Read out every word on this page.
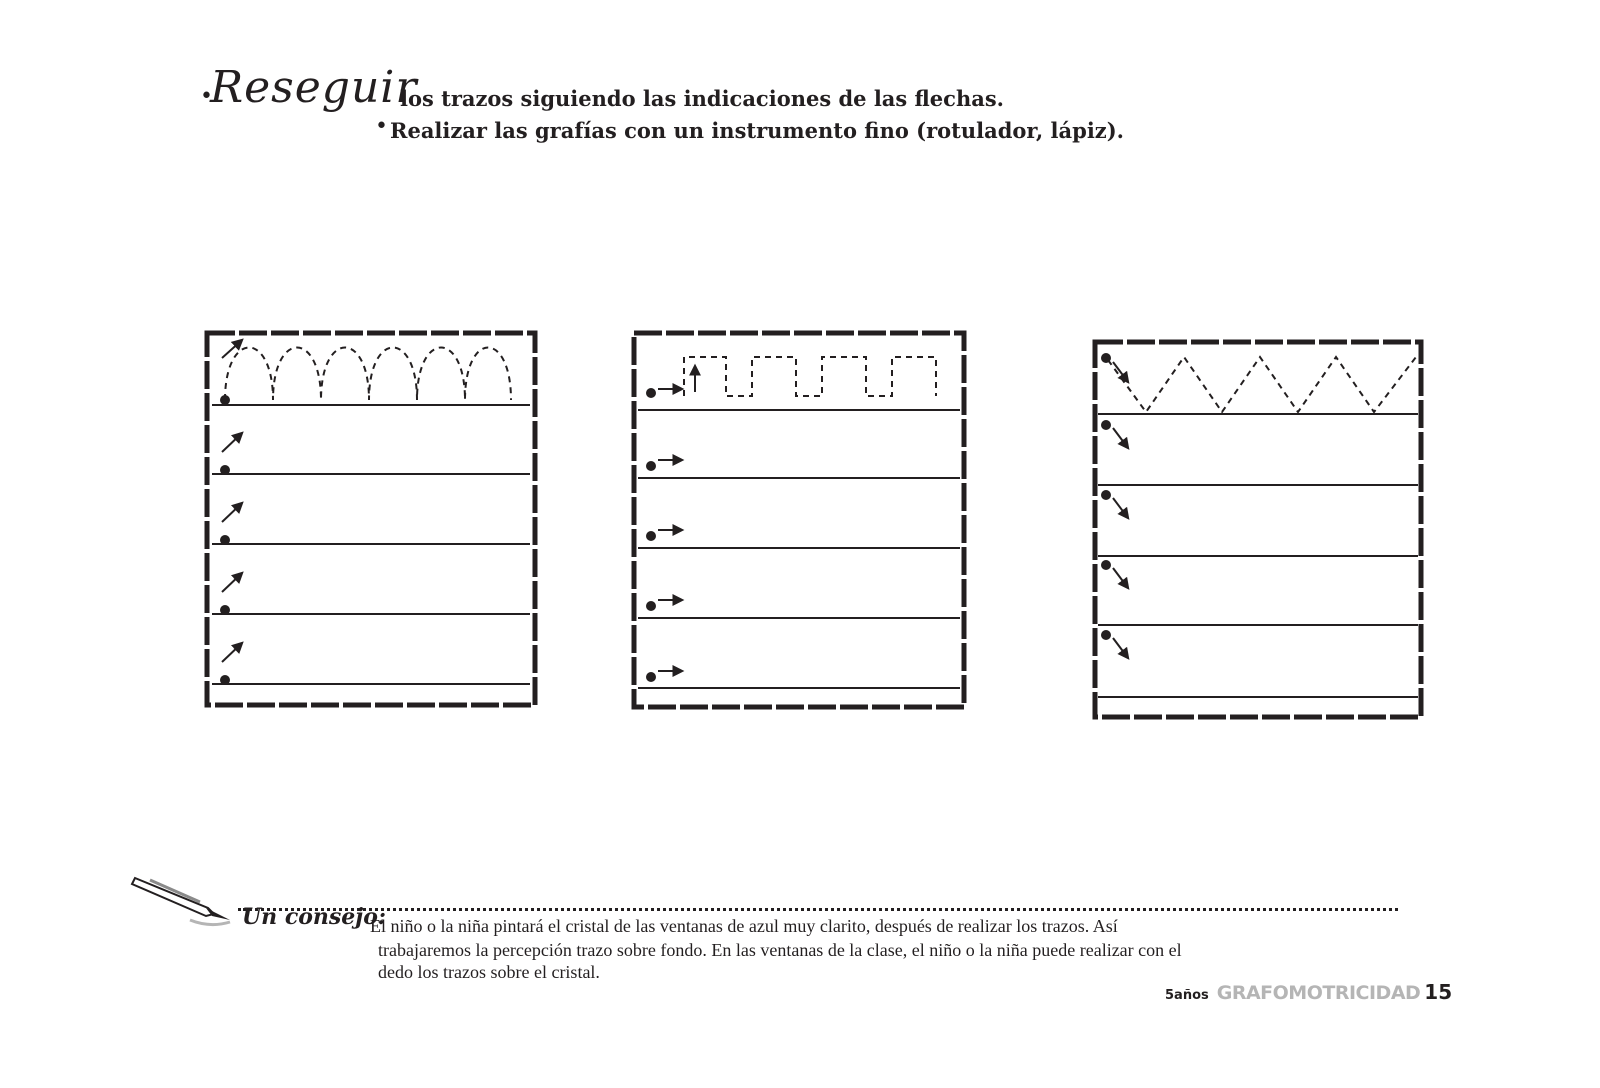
•
Reseguir
los trazos siguiendo las indicaciones de las flechas.
• Realizar las grafías con un instrumento fino (rotulador, lápiz).
Un consejo:
El niño o la niña pintará el cristal de las ventanas de azul muy clarito, después de realizar los trazos. Así
trabajaremos la percepción trazo sobre fondo. En las ventanas de la clase, el niño o la niña puede realizar con el
dedo los trazos sobre el cristal.
5años GRAFOMOTRICIDAD 15
